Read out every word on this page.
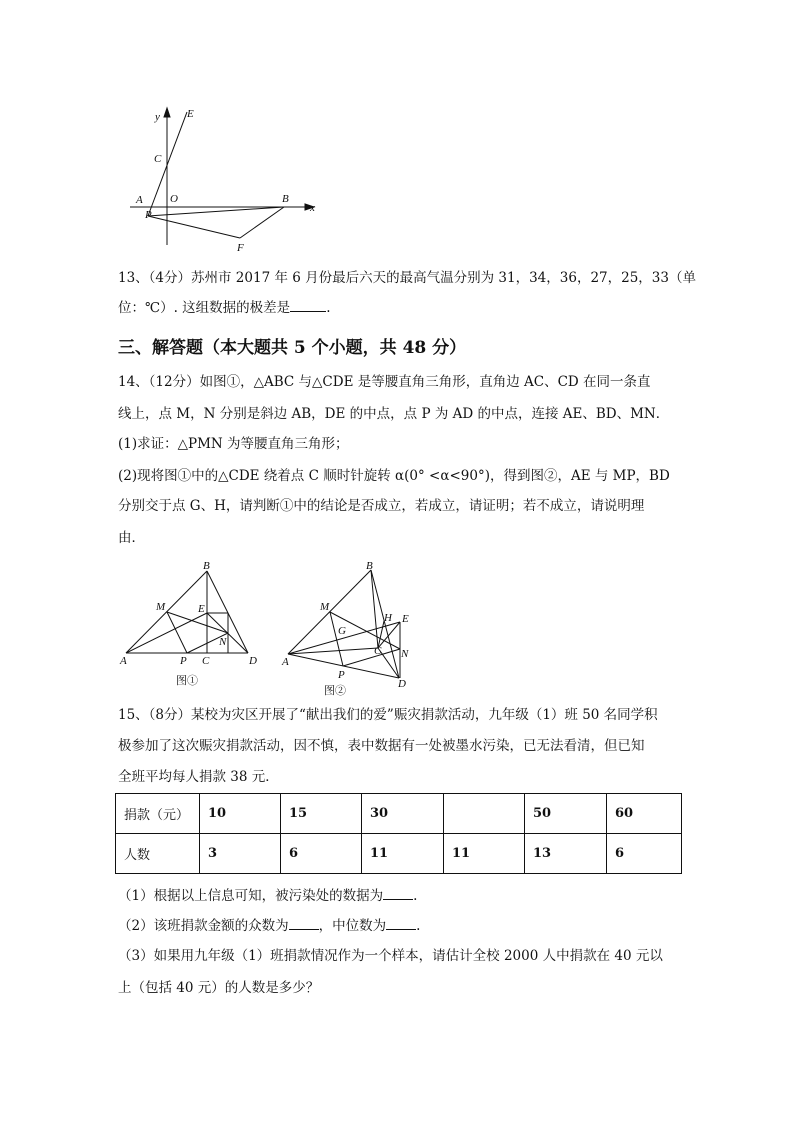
y E
C
A O
P
B
x
F
13、（4分）苏州市 2017 年 6 月份最后六天的最高气温分别为 31，34，36，27，25，33（单
位：℃）. 这组数据的极差是	.
三、解答题（本大题共 5 个小题，共 48 分）
14、（12分）如图①，△ABC 与△CDE 是等腰直角三角形，直角边 AC、CD 在同一条直
线上，点 M，N 分别是斜边 AB，DE 的中点，点 P 为 AD 的中点，连接 AE、BD、MN．
(1)求证：△PMN 为等腰直角三角形；
(2)现将图①中的△CDE 绕着点 C 顺时针旋转 α(0° <α<90°)，得到图②，AE 与 MP，BD
分别交于点 G、H，请判断①中的结论是否成立，若成立，请证明；若不成立，请说明理
由．
B
M	E
N
A	P C	D
图①
B
M
H E
G
C N
A
P
D
图②
15、（8分）某校为灾区开展了“献出我们的爱”赈灾捐款活动，九年级（1）班 50 名同学积
极参加了这次赈灾捐款活动，因不慎，表中数据有一处被墨水污染，已无法看清，但已知
全班平均每人捐款 38 元．
捐款（元）	10	15	30		50	60
人数	3	6	11	11	13	6
（1）根据以上信息可知，被污染处的数据为 .
（2）该班捐款金额的众数为 ，中位数为 .
（3）如果用九年级（1）班捐款情况作为一个样本，请估计全校 2000 人中捐款在 40 元以
上（包括 40 元）的人数是多少？
